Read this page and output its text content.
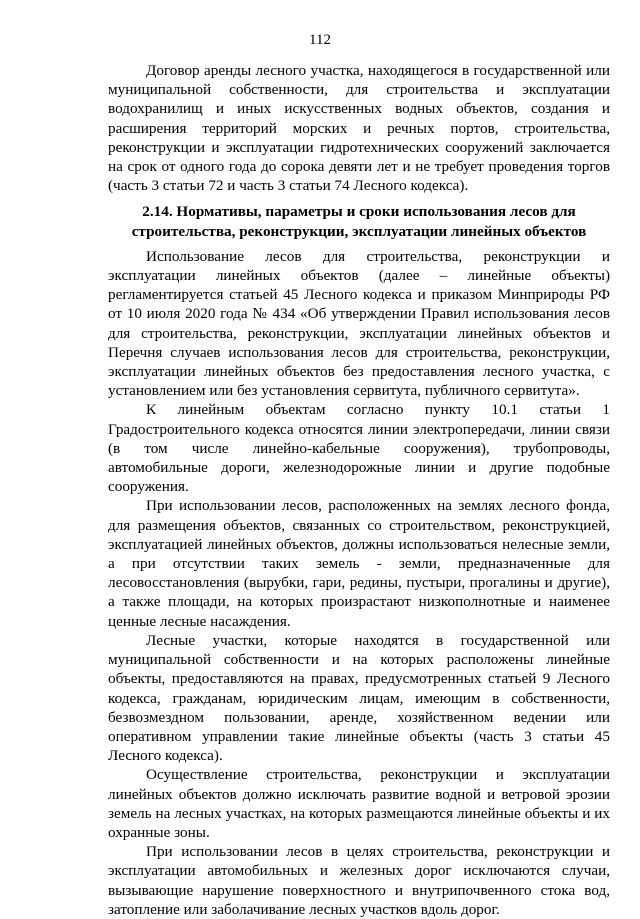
112

Договор аренды лесного участка, находящегося в государственной или муниципальной собственности, для строительства и эксплуатации водохранилищ и иных искусственных водных объектов, создания и расширения территорий морских и речных портов, строительства, реконструкции и эксплуатации гидротехнических сооружений заключается на срок от одного года до сорока девяти лет и не требует проведения торгов (часть 3 статьи 72 и часть 3 статьи 74 Лесного кодекса).

2.14. Нормативы, параметры и сроки использования лесов для строительства, реконструкции, эксплуатации линейных объектов

Использование лесов для строительства, реконструкции и эксплуатации линейных объектов (далее – линейные объекты) регламентируется статьей 45 Лесного кодекса и приказом Минприроды РФ от 10 июля 2020 года № 434 «Об утверждении Правил использования лесов для строительства, реконструкции, эксплуатации линейных объектов и Перечня случаев использования лесов для строительства, реконструкции, эксплуатации линейных объектов без предоставления лесного участка, с установлением или без установления сервитута, публичного сервитута».

К линейным объектам согласно пункту 10.1 статьи 1 Градостроительного кодекса относятся линии электропередачи, линии связи (в том числе линейно-кабельные сооружения), трубопроводы, автомобильные дороги, железнодорожные линии и другие подобные сооружения.

При использовании лесов, расположенных на землях лесного фонда, для размещения объектов, связанных со строительством, реконструкцией, эксплуатацией линейных объектов, должны использоваться нелесные земли, а при отсутствии таких земель - земли, предназначенные для лесовосстановления (вырубки, гари, редины, пустыри, прогалины и другие), а также площади, на которых произрастают низкополнотные и наименее ценные лесные насаждения.

Лесные участки, которые находятся в государственной или муниципальной собственности и на которых расположены линейные объекты, предоставляются на правах, предусмотренных статьей 9 Лесного кодекса, гражданам, юридическим лицам, имеющим в собственности, безвозмездном пользовании, аренде, хозяйственном ведении или оперативном управлении такие линейные объекты (часть 3 статьи 45 Лесного кодекса).

Осуществление строительства, реконструкции и эксплуатации линейных объектов должно исключать развитие водной и ветровой эрозии земель на лесных участках, на которых размещаются линейные объекты и их охранные зоны.

При использовании лесов в целях строительства, реконструкции и эксплуатации автомобильных и железных дорог исключаются случаи, вызывающие нарушение поверхностного и внутрипочвенного стока вод, затопление или заболачивание лесных участков вдоль дорог.
